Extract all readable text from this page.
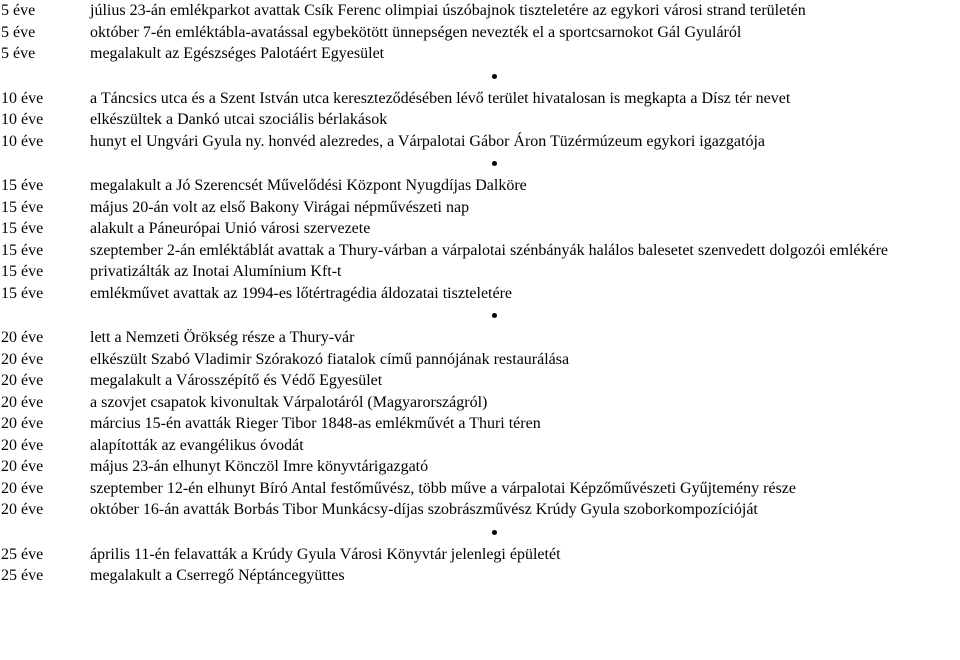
5 éve	július 23-án emlékparkot avattak Csík Ferenc olimpiai úszóbajnok tiszteletére az egykori városi strand területén
5 éve	október 7-én emléktábla-avatással egybekötött ünnepségen nevezték el a sportcsarnokot Gál Gyuláról
5 éve	megalakult az Egészséges Palotáért Egyesület
10 éve	a Táncsics utca és a Szent István utca kereszteződésében lévő terület hivatalosan is megkapta a Dísz tér nevet
10 éve	elkészültek a Dankó utcai szociális bérlakások
10 éve	hunyt el Ungvári Gyula ny. honvéd alezredes, a Várpalotai Gábor Áron Tüzérmúzeum egykori igazgatója
15 éve	megalakult a Jó Szerencsét Művelődési Központ Nyugdíjas Dalköre
15 éve	május 20-án volt az első Bakony Virágai népművészeti nap
15 éve	alakult a Páneurópai Unió városi szervezete
15 éve	szeptember 2-án emléktáblát avattak a Thury-várban a várpalotai szénbányák halálos balesetet szenvedett dolgozói emlékére
15 éve	privatizálták az Inotai Alumínium Kft-t
15 éve	emlékművet avattak az 1994-es lőtértragédia áldozatai tiszteletére
20 éve	lett a Nemzeti Örökség része a Thury-vár
20 éve	elkészült Szabó Vladimir Szórakozó fiatalok című pannójának restaurálása
20 éve	megalakult a Városszépítő és Védő Egyesület
20 éve	a szovjet csapatok kivonultak Várpalotáról (Magyarországról)
20 éve	március 15-én avatták Rieger Tibor 1848-as emlékművét a Thuri téren
20 éve	alapították az evangélikus óvodát
20 éve	május 23-án elhunyt Könczöl Imre könyvtárigazgató
20 éve	szeptember 12-én elhunyt Bíró Antal festőművész, több műve a várpalotai Képzőművészeti Gyűjtemény része
20 éve	október 16-án avatták Borbás Tibor Munkácsy-díjas szobrászművész Krúdy Gyula szoborkompozícióját
25 éve	április 11-én felavatták a Krúdy Gyula Városi Könyvtár jelenlegi épületét
25 éve	megalakult a Cserregő Néptáncegyüttes
